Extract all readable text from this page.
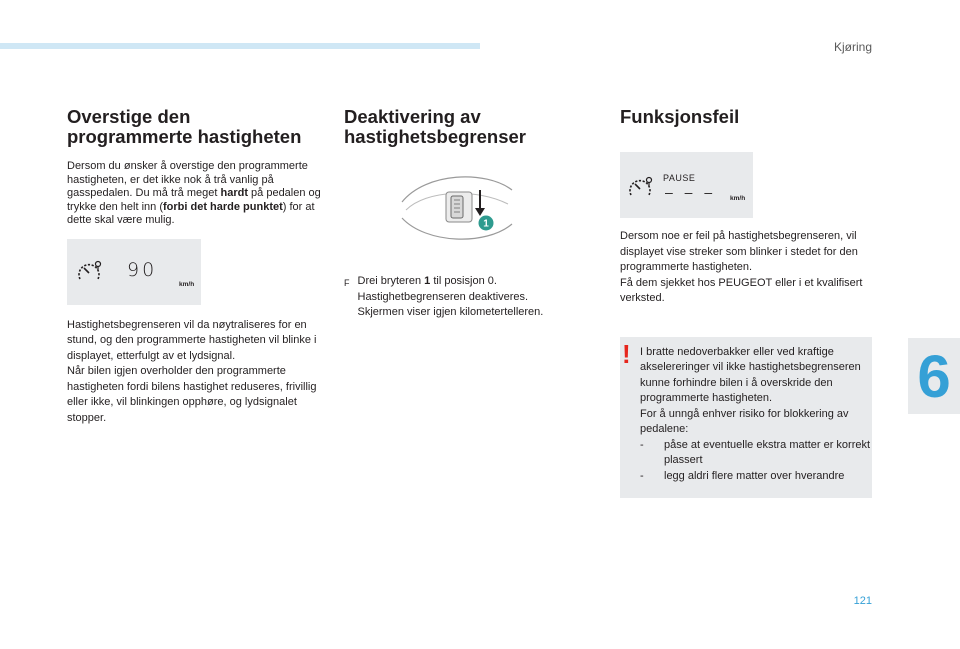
Kjøring
6
121
Overstige den
programmerte hastigheten

Dersom du ønsker å overstige den programmerte hastigheten, er det ikke nok å trå vanlig på gasspedalen. Du må trå meget hardt på pedalen og trykke den helt inn (forbi det harde punktet) for at dette skal være mulig.

90
km/h

Hastighetsbegrenseren vil da nøytraliseres for en stund, og den programmerte hastigheten vil blinke i displayet, etterfulgt av et lydsignal.

Når bilen igjen overholder den programmerte hastigheten fordi bilens hastighet reduseres, frivillig eller ikke, vil blinkingen opphøre, og lydsignalet stopper.

Deaktivering av
hastighetsbegrenser
1
F Drei bryteren 1 til posisjon 0.
Hastighetbegrenseren deaktiveres.
Skjermen viser igjen kilometertelleren.
Funksjonsfeil
PAUSE
– – – km/h

Dersom noe er feil på hastighetsbegrenseren, vil displayet vise streker som blinker i stedet for den programmerte hastigheten.

Få dem sjekket hos PEUGEOT eller i et kvalifisert verksted.

! I bratte nedoverbakker eller ved kraftige akselereringer vil ikke hastighetsbegrenseren kunne forhindre bilen i å overskride den programmerte hastigheten.

For å unngå enhver risiko for blokkering av pedalene:

-	påse at eventuelle ekstra matter er korrekt plassert
-	legg aldri flere matter over hverandre
